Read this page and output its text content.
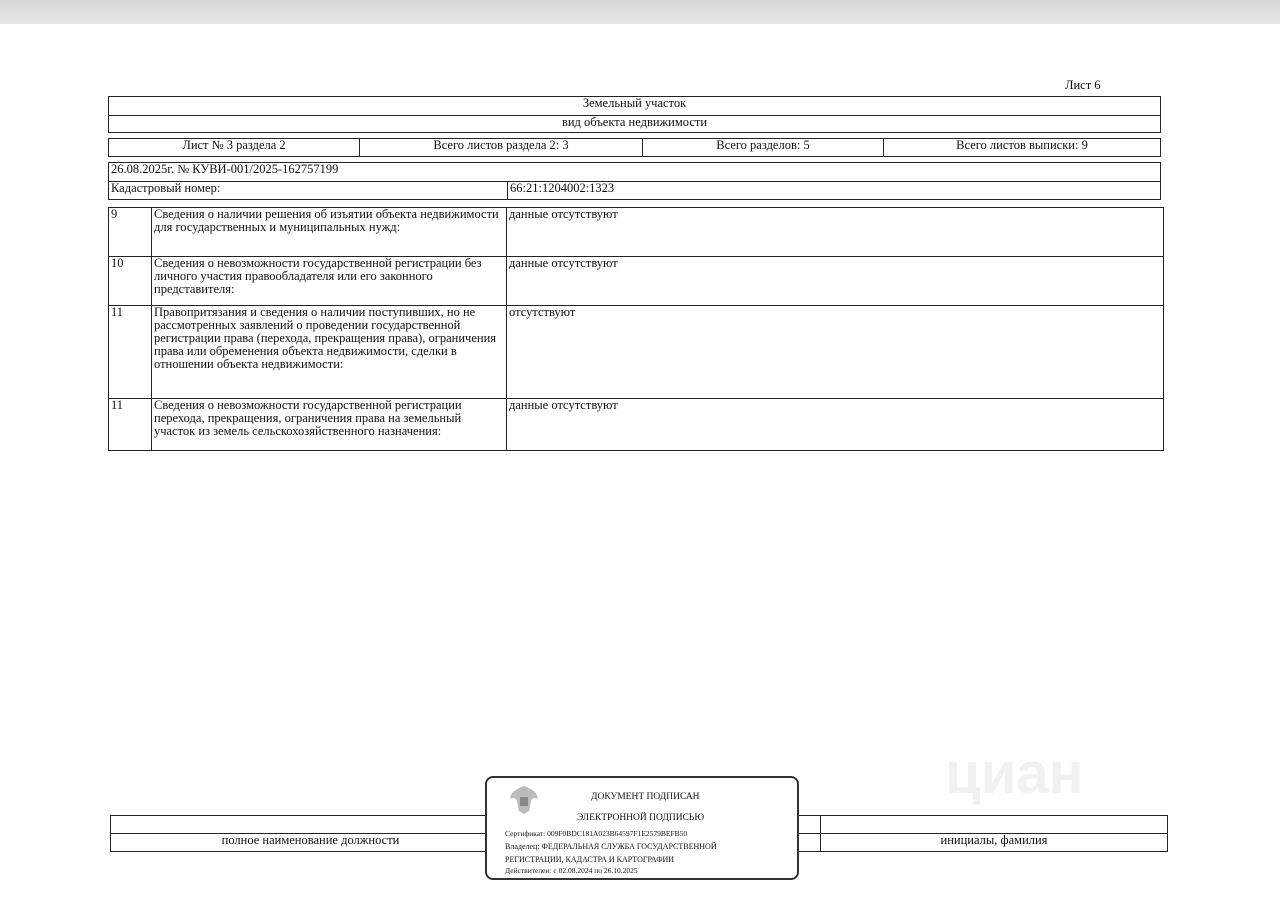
Лист 6
Земельный участок
вид объекта недвижимости
Лист № 3 раздела 2	Всего листов раздела 2: 3	Всего разделов: 5	Всего листов выписки: 9
26.08.2025г. № КУВИ-001/2025-162757199
Кадастровый номер:	66:21:1204002:1323
9	Сведения о наличии решения об изъятии объекта недвижимости для государственных и муниципальных нужд:	данные отсутствуют
10	Сведения о невозможности государственной регистрации без личного участия правообладателя или его законного представителя:	данные отсутствуют
11	Правопритязания и сведения о наличии поступивших, но не рассмотренных заявлений о проведении государственной регистрации права (перехода, прекращения права), ограничения права или обременения объекта недвижимости, сделки в отношении объекта недвижимости:	отсутствуют
11	Сведения о невозможности государственной регистрации перехода, прекращения, ограничения права на земельный участок из земель сельскохозяйственного назначения:	данные отсутствуют
циан

полное наименование должности		инициалы, фамилия
ДОКУМЕНТ ПОДПИСАН
ЭЛЕКТРОННОЙ ПОДПИСЬЮ
Сертификат: 009F0BDC181A023B64597F1E2579BEFB50
Владелец: ФЕДЕРАЛЬНАЯ СЛУЖБА ГОСУДАРСТВЕННОЙ
РЕГИСТРАЦИИ, КАДАСТРА И КАРТОГРАФИИ
Действителен: с 02.08.2024 по 26.10.2025
